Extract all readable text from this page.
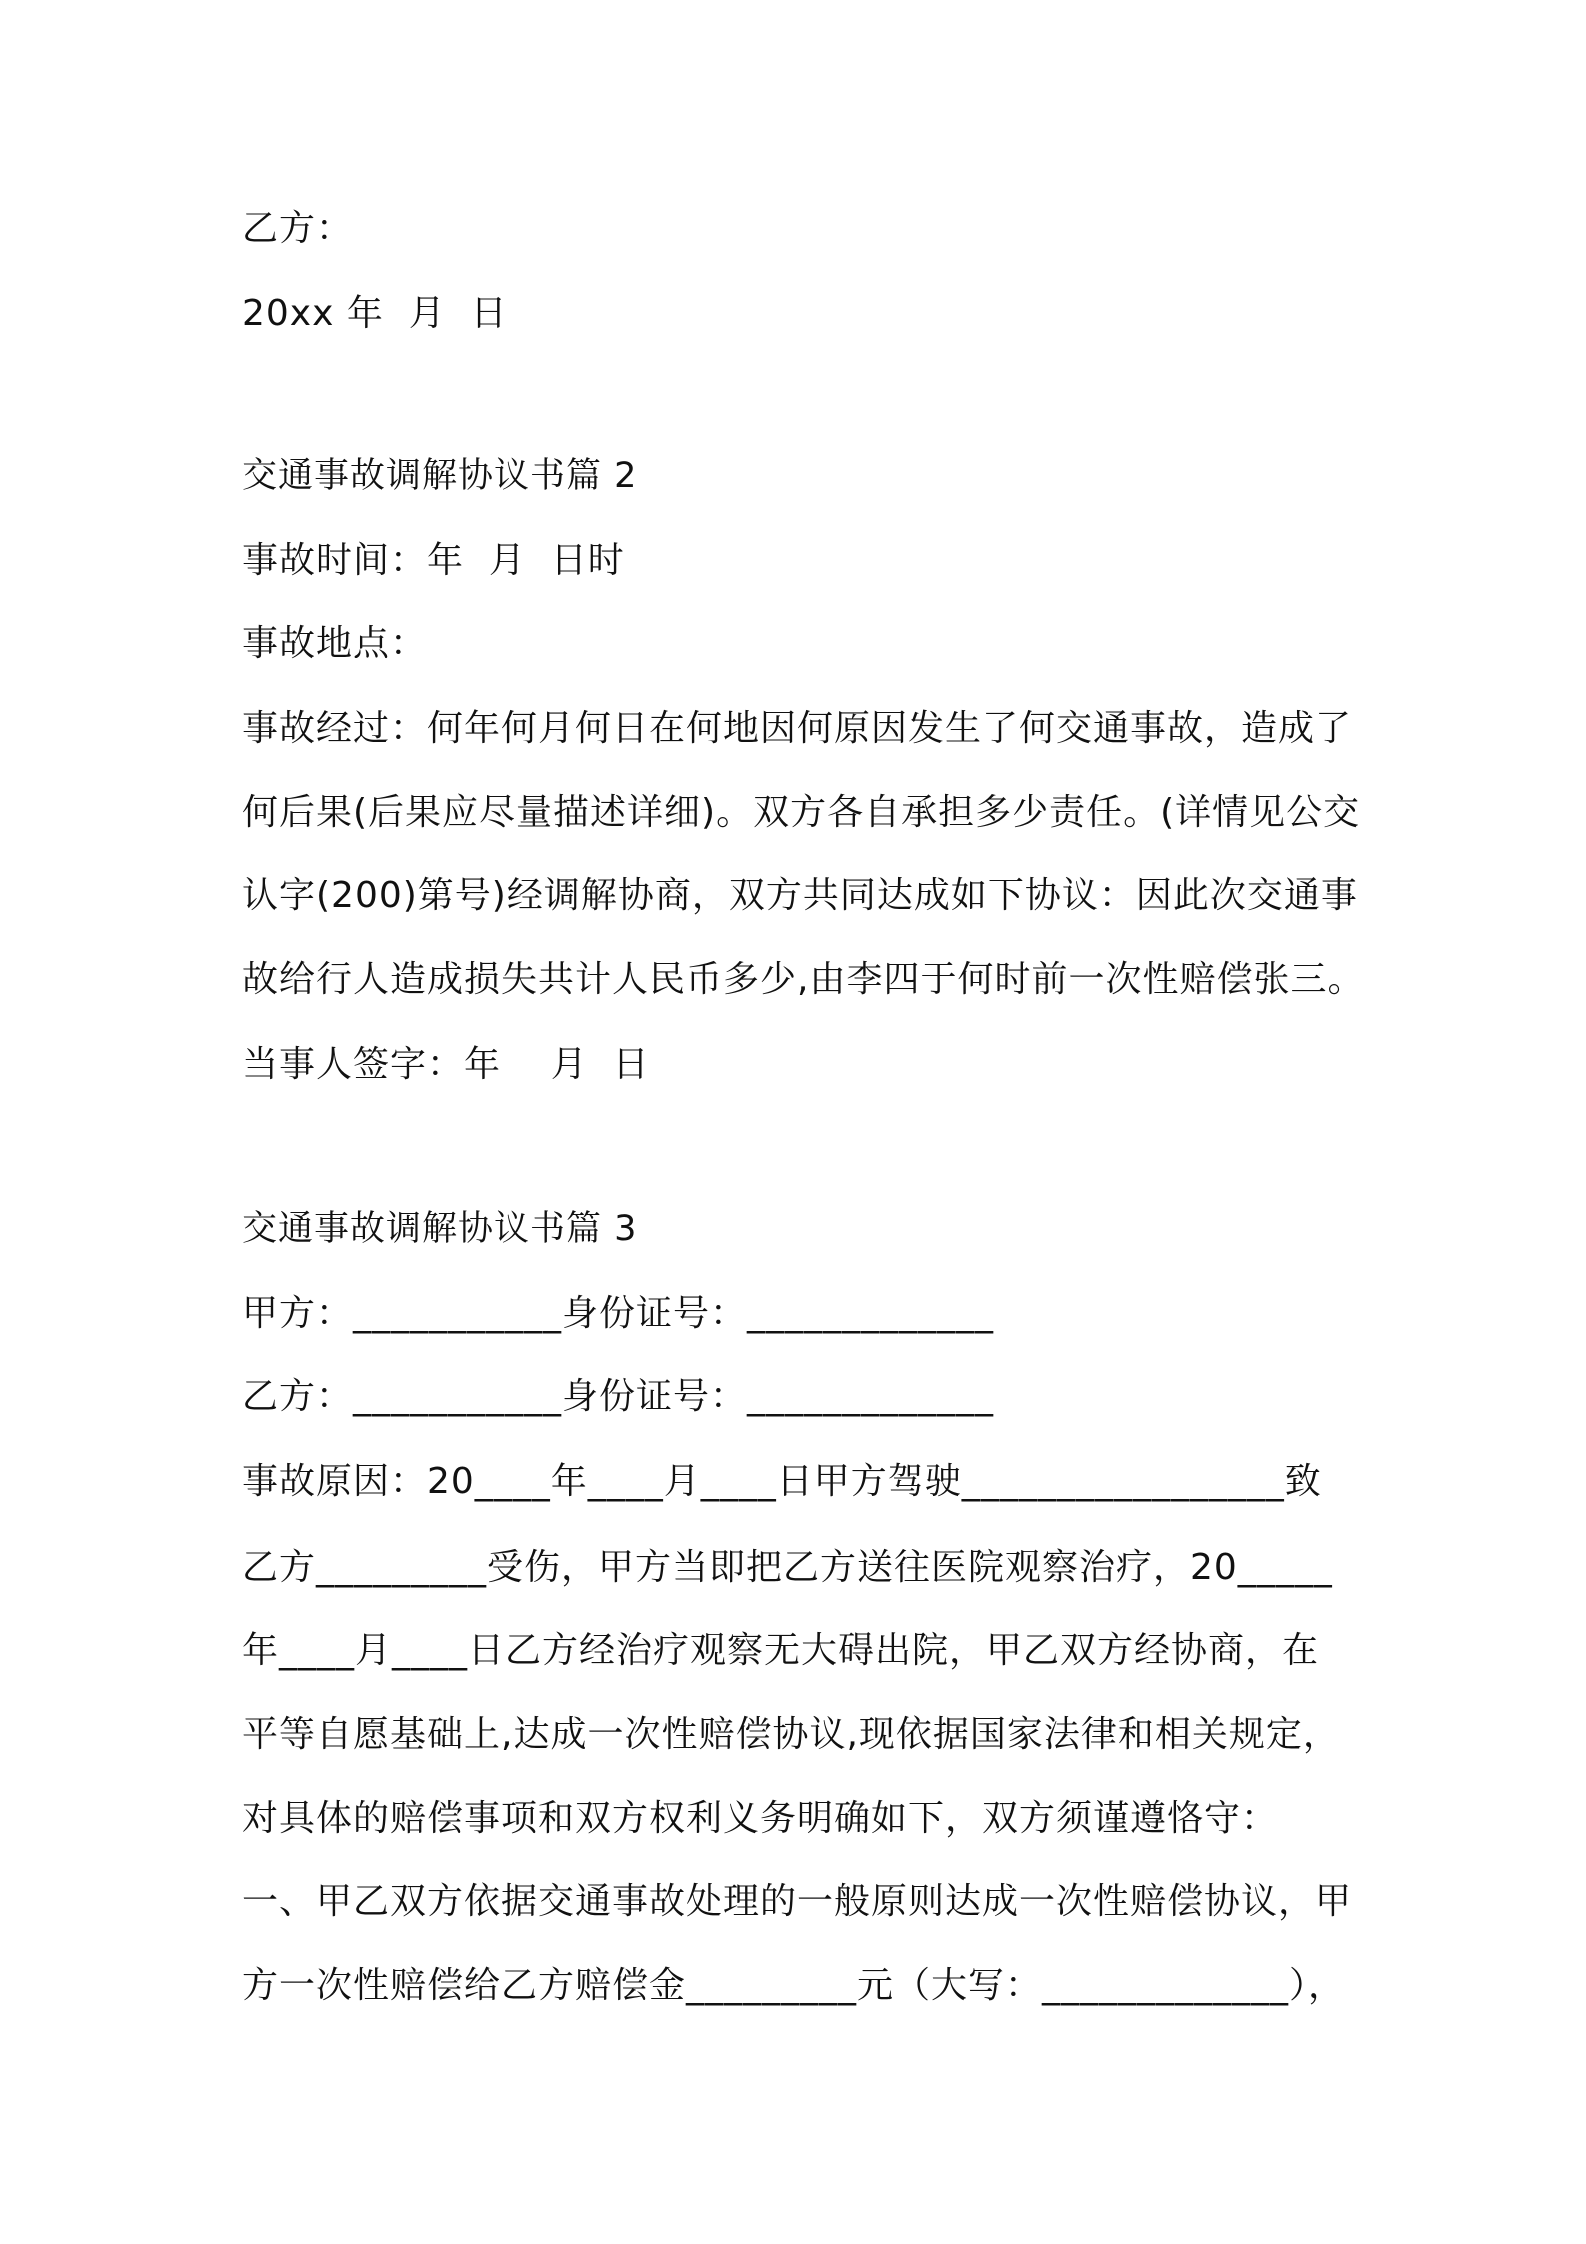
乙方：
20xx 年  月  日
交通事故调解协议书篇 2
事故时间：年  月  日时
事故地点：
事故经过：何年何月何日在何地因何原因发生了何交通事故，造成了
何后果(后果应尽量描述详细)。双方各自承担多少责任。(详情见公交
认字(200)第号)经调解协商，双方共同达成如下协议：因此次交通事
故给行人造成损失共计人民币多少,由李四于何时前一次性赔偿张三。
当事人签字：年    月  日
交通事故调解协议书篇 3
甲方：___________身份证号：_____________
乙方：___________身份证号：_____________
事故原因：20____年____月____日甲方驾驶_________________致
乙方_________受伤，甲方当即把乙方送往医院观察治疗，20_____
年____月____日乙方经治疗观察无大碍出院，甲乙双方经协商，在
平等自愿基础上,达成一次性赔偿协议,现依据国家法律和相关规定，
对具体的赔偿事项和双方权利义务明确如下，双方须谨遵恪守：
一、甲乙双方依据交通事故处理的一般原则达成一次性赔偿协议，甲
方一次性赔偿给乙方赔偿金_________元（大写：_____________），
